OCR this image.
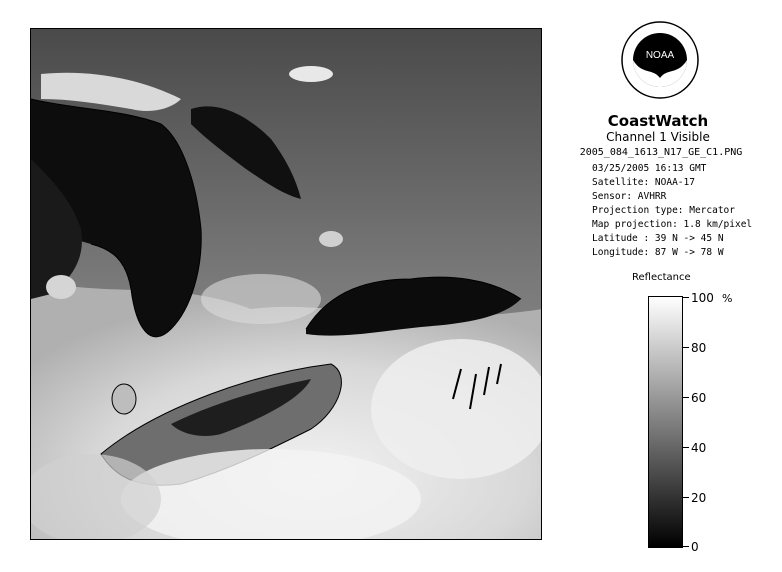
NOAA
CoastWatch
Channel 1 Visible
2005_084_1613_N17_GE_C1.PNG
03/25/2005 16:13 GMT
Satellite: NOAA-17
Sensor: AVHRR
Projection type: Mercator
Map projection: 1.8 km/pixel
Latitude : 39 N -> 45 N
Longitude: 87 W -> 78 W
Reflectance
%
100
80
60
40
20
0
